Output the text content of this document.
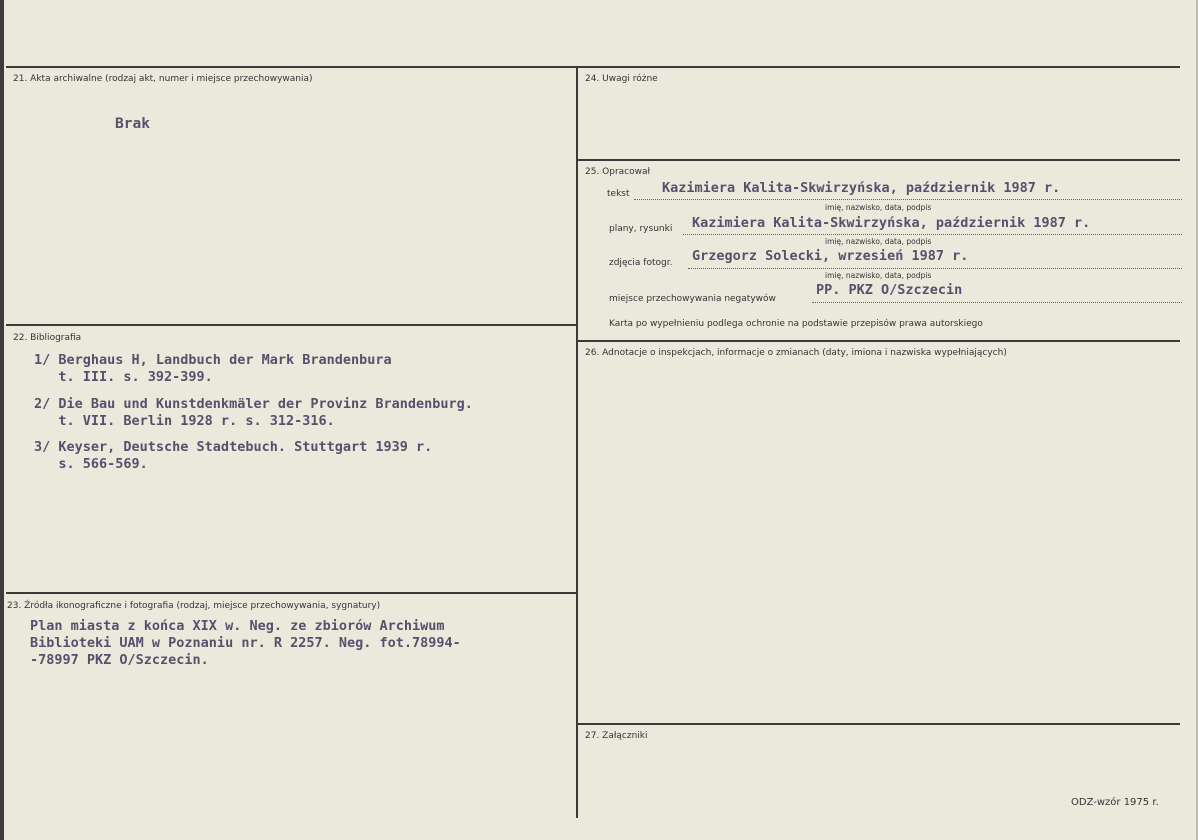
21. Akta archiwalne (rodzaj akt, numer i miejsce przechowywania)
Brak
22. Bibliografia
1/ Berghaus H, Landbuch der Mark Brandenbura
t. III. s. 392-399.
2/ Die Bau und Kunstdenkmäler der Provinz Brandenburg.
t. VII. Berlin 1928 r. s. 312-316.
3/ Keyser, Deutsche Stadtebuch. Stuttgart 1939 r.
s. 566-569.
23. Źródła ikonograficzne i fotografia (rodzaj, miejsce przechowywania, sygnatury)
Plan miasta z końca XIX w. Neg. ze zbiorów Archiwum
Biblioteki UAM w Poznaniu nr. R 2257. Neg. fot.78994-
-78997 PKZ O/Szczecin.
24. Uwagi różne
25. Opracował
tekst Kazimiera Kalita-Skwirzyńska, październik 1987 r.
imię, nazwisko, data, podpis
plany, rysunki Kazimiera Kalita-Skwirzyńska, październik 1987 r.
imię, nazwisko, data, podpis
zdjęcia fotogr. Grzegorz Solecki, wrzesień 1987 r.
imię, nazwisko, data, podpis
miejsce przechowywania negatywów
PP. PKZ O/Szczecin
Karta po wypełnieniu podlega ochronie na podstawie przepisów prawa autorskiego
26. Adnotacje o inspekcjach, informacje o zmianach (daty, imiona i nazwiska wypełniających)
27. Załączniki
ODZ-wzór 1975 r.
